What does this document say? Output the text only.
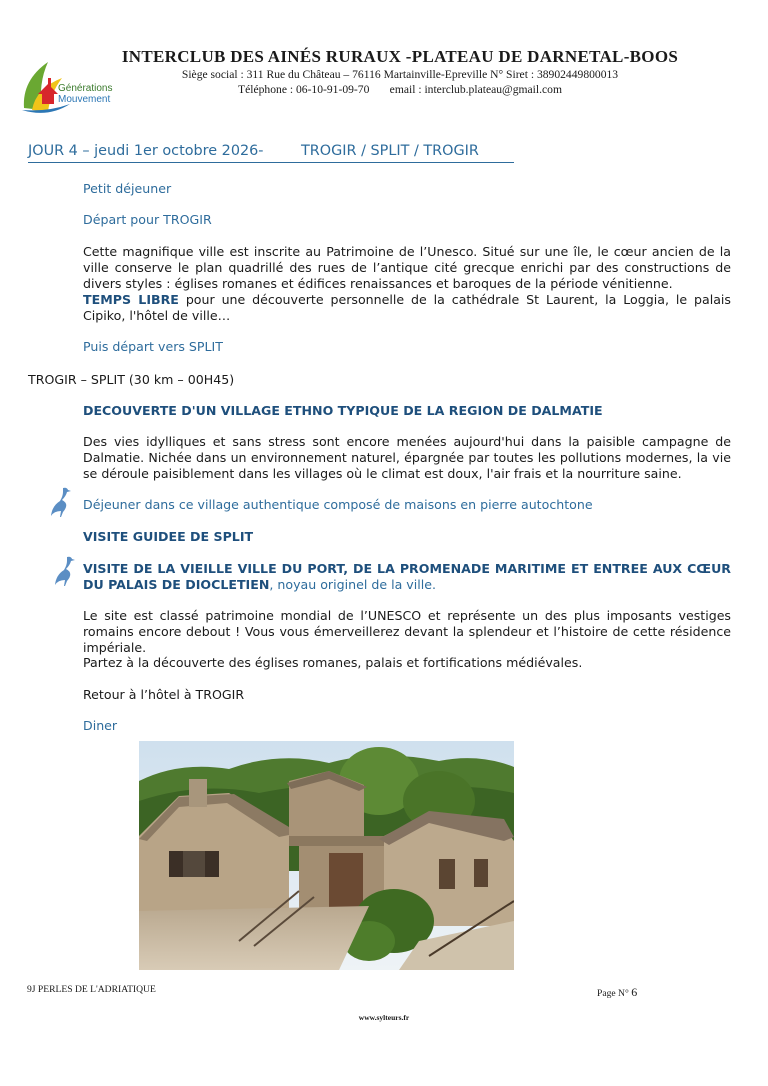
Générations
Mouvement
INTERCLUB DES AINÉS RURAUX -PLATEAU DE DARNETAL-BOOS
Siège social : 311 Rue du Château – 76116 Martainville-Epreville N° Siret : 38902449800013
Téléphone : 06-10-91-09-70       email : interclub.plateau@gmail.com
JOUR 4 – jeudi 1er octobre 2026-	TROGIR / SPLIT / TROGIR
Petit déjeuner
Départ pour TROGIR
Cette magnifique ville est inscrite au Patrimoine de l’Unesco. Situé sur une île, le cœur ancien de la ville conserve le plan quadrillé des rues de l’antique cité grecque enrichi par des constructions de divers styles : églises romanes et édifices renaissances et baroques de la période vénitienne.
TEMPS LIBRE pour une découverte personnelle de la cathédrale St Laurent, la Loggia, le palais Cipiko, l'hôtel de ville…
Puis départ vers SPLIT
TROGIR – SPLIT (30 km – 00H45)
DECOUVERTE D'UN VILLAGE ETHNO TYPIQUE DE LA REGION DE DALMATIE
Des vies idylliques et sans stress sont encore menées aujourd'hui dans la paisible campagne de Dalmatie. Nichée dans un environnement naturel, épargnée par toutes les pollutions modernes, la vie se déroule paisiblement dans les villages où le climat est doux, l'air frais et la nourriture saine.
Déjeuner dans ce village authentique composé de maisons en pierre autochtone
VISITE GUIDEE DE SPLIT
VISITE DE LA VIEILLE VILLE DU PORT, DE LA PROMENADE MARITIME ET ENTREE AUX CŒUR DU PALAIS DE DIOCLETIEN, noyau originel de la ville.
Le site est classé patrimoine mondial de l’UNESCO et représente un des plus imposants vestiges romains encore debout ! Vous vous émerveillerez devant la splendeur et l’histoire de cette résidence impériale.
Partez à la découverte des églises romanes, palais et fortifications médiévales.
Retour à l’hôtel à TROGIR
Diner
9J PERLES DE L'ADRIATIQUE	Page N° 6
www.sylteurs.fr
